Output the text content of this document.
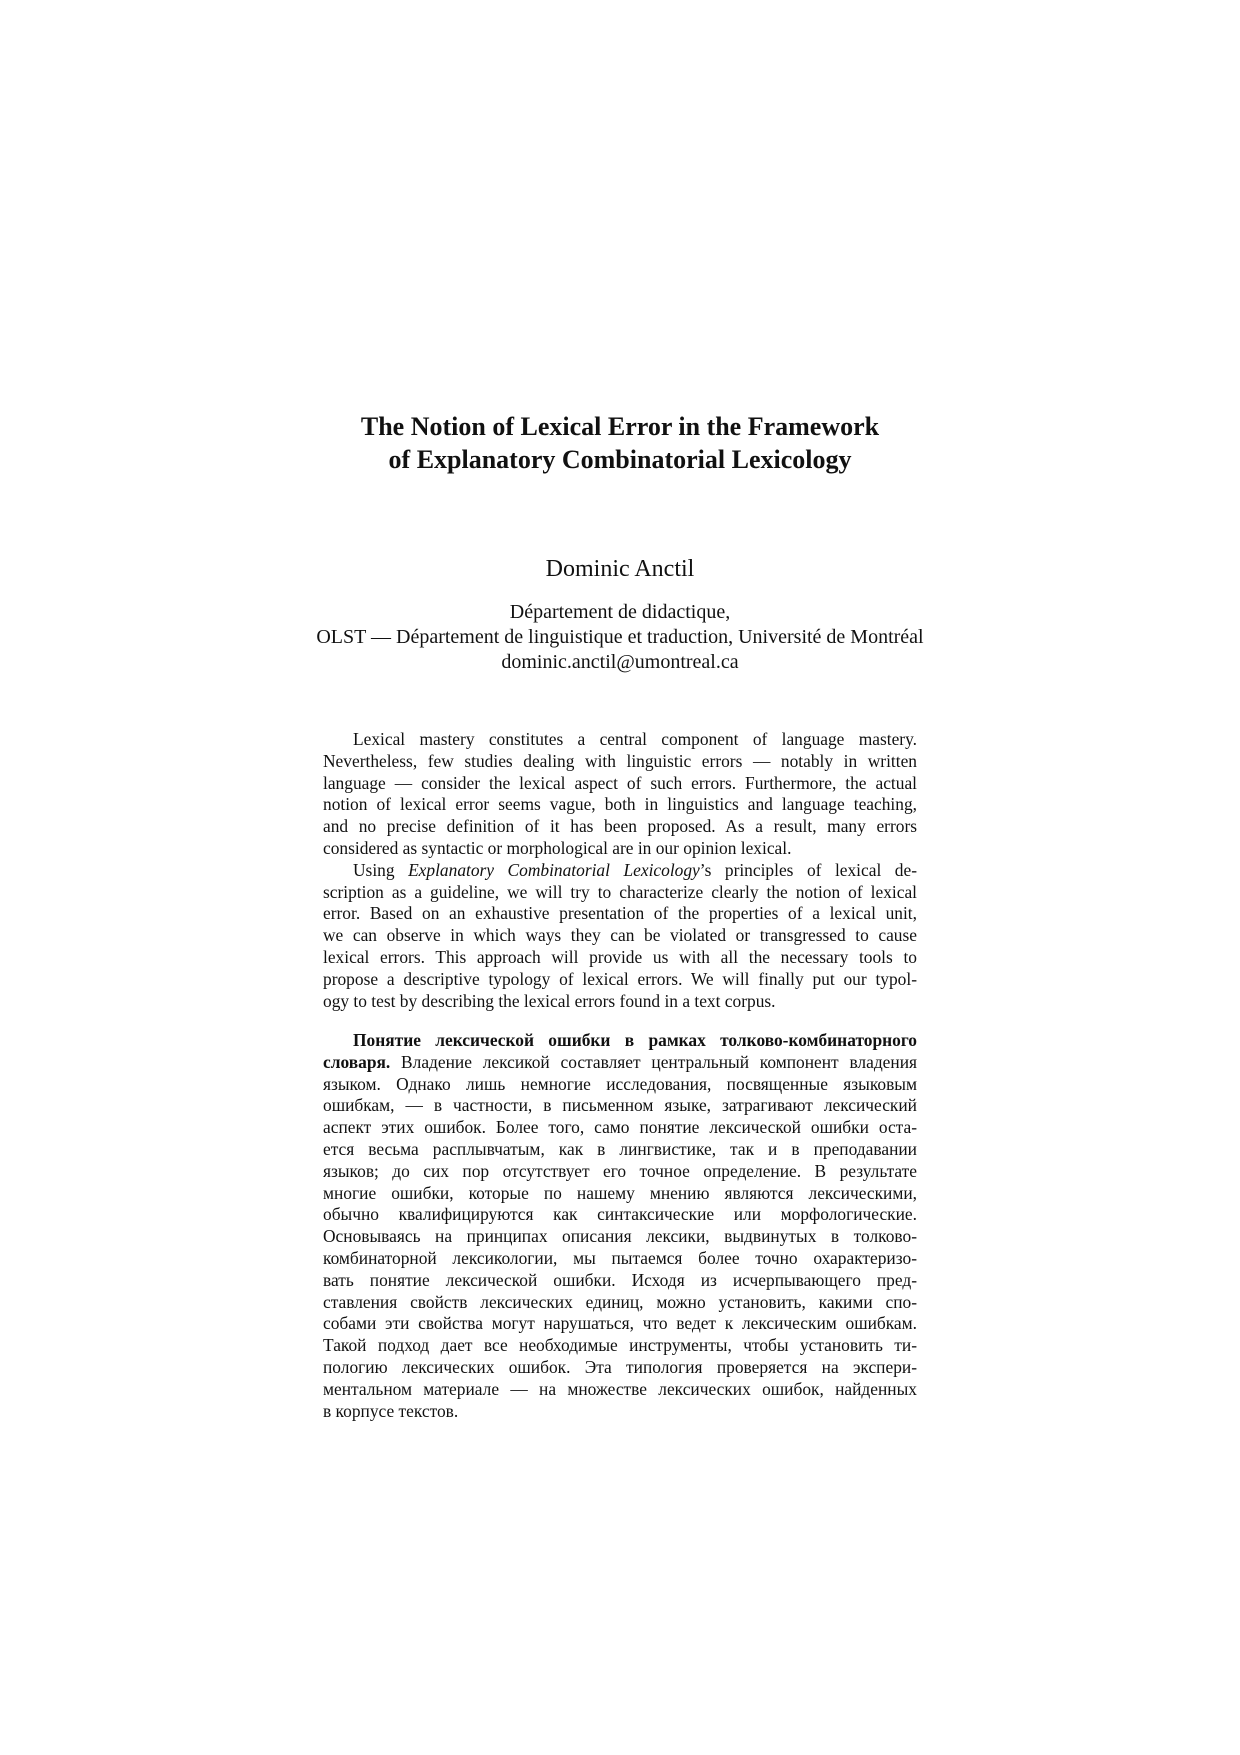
The Notion of Lexical Error in the Framework
of Explanatory Combinatorial Lexicology
Dominic Anctil
Département de didactique,
OLST — Département de linguistique et traduction, Université de Montréal
dominic.anctil@umontreal.ca
Lexical mastery constitutes a central component of language mastery.
Nevertheless, few studies dealing with linguistic errors — notably in written
language — consider the lexical aspect of such errors. Furthermore, the actual
notion of lexical error seems vague, both in linguistics and language teaching,
and no precise definition of it has been proposed. As a result, many errors
considered as syntactic or morphological are in our opinion lexical.
Using Explanatory Combinatorial Lexicology’s principles of lexical de-
scription as a guideline, we will try to characterize clearly the notion of lexical
error. Based on an exhaustive presentation of the properties of a lexical unit,
we can observe in which ways they can be violated or transgressed to cause
lexical errors. This approach will provide us with all the necessary tools to
propose a descriptive typology of lexical errors. We will finally put our typol-
ogy to test by describing the lexical errors found in a text corpus.
Понятие лексической ошибки в рамках толково-комбинаторного
словаря. Владение лексикой составляет центральный компонент владения
языком. Однако лишь немногие исследования, посвященные языковым
ошибкам, — в частности, в письменном языке, затрагивают лексический
аспект этих ошибок. Более того, само понятие лексической ошибки оста-
ется весьма расплывчатым, как в лингвистике, так и в преподавании
языков; до сих пор отсутствует его точное определение. В результате
многие ошибки, которые по нашему мнению являются лексическими,
обычно квалифицируются как синтаксические или морфологические.
Основываясь на принципах описания лексики, выдвинутых в толково-
комбинаторной лексикологии, мы пытаемся более точно охарактеризо-
вать понятие лексической ошибки. Исходя из исчерпывающего пред-
ставления свойств лексических единиц, можно установить, какими спо-
собами эти свойства могут нарушаться, что ведет к лексическим ошибкам.
Такой подход дает все необходимые инструменты, чтобы установить ти-
пологию лексических ошибок. Эта типология проверяется на экспери-
ментальном материале — на множестве лексических ошибок, найденных
в корпусе текстов.
